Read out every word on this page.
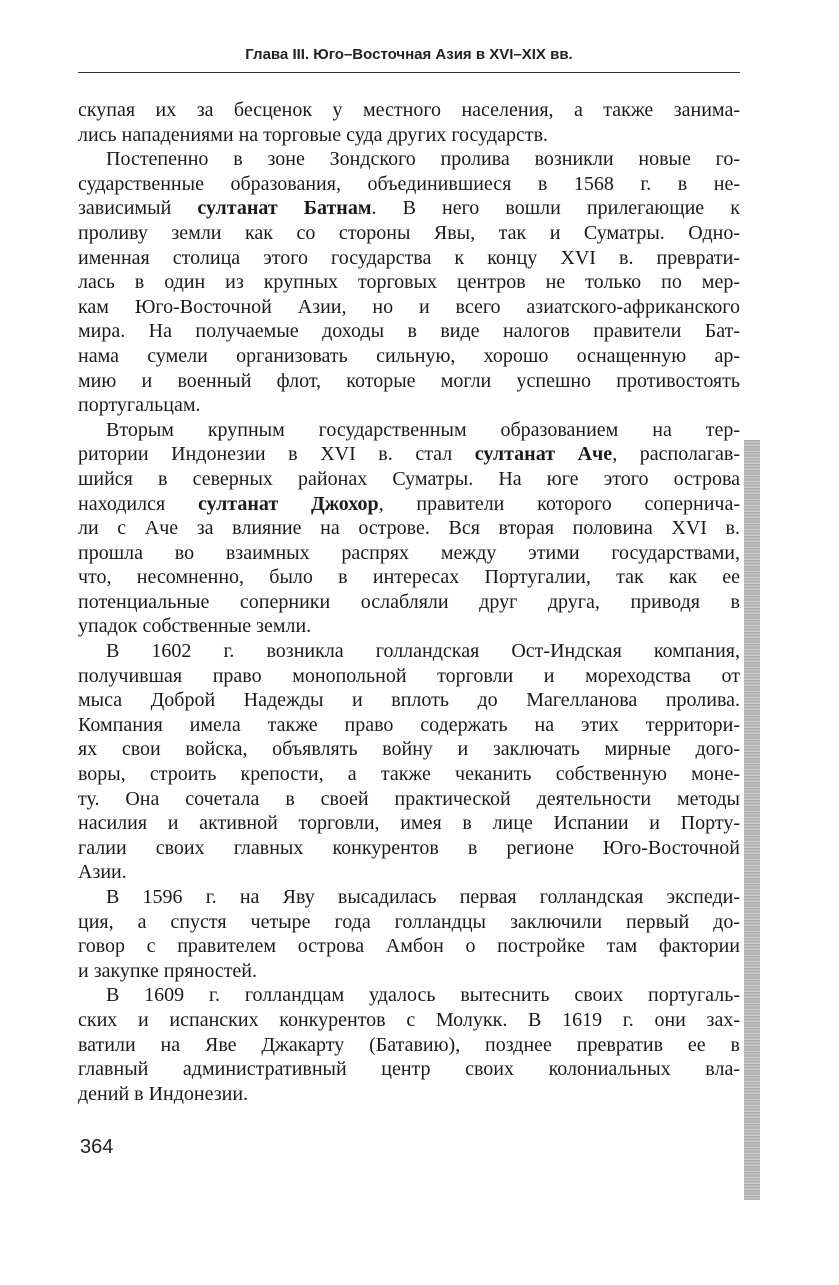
Глава III. Юго–Восточная Азия в XVI–XIX вв.
скупая их за бесценок у местного населения, а также занима-
лись нападениями на торговые суда других государств.
Постепенно в зоне Зондского пролива возникли новые го-
сударственные образования, объединившиеся в 1568 г. в не-
зависимый султанат Батнам. В него вошли прилегающие к
проливу земли как со стороны Явы, так и Суматры. Одно-
именная столица этого государства к концу XVI в. преврати-
лась в один из крупных торговых центров не только по мер-
кам Юго-Восточной Азии, но и всего азиатского-африканского
мира. На получаемые доходы в виде налогов правители Бат-
нама сумели организовать сильную, хорошо оснащенную ар-
мию и военный флот, которые могли успешно противостоять
португальцам.
Вторым крупным государственным образованием на тер-
ритории Индонезии в XVI в. стал султанат Аче, располагав-
шийся в северных районах Суматры. На юге этого острова
находился султанат Джохор, правители которого сопернича-
ли с Аче за влияние на острове. Вся вторая половина XVI в.
прошла во взаимных распрях между этими государствами,
что, несомненно, было в интересах Португалии, так как ее
потенциальные соперники ослабляли друг друга, приводя в
упадок собственные земли.
В 1602 г. возникла голландская Ост-Индская компания,
получившая право монопольной торговли и мореходства от
мыса Доброй Надежды и вплоть до Магелланова пролива.
Компания имела также право содержать на этих территори-
ях свои войска, объявлять войну и заключать мирные дого-
воры, строить крепости, а также чеканить собственную моне-
ту. Она сочетала в своей практической деятельности методы
насилия и активной торговли, имея в лице Испании и Порту-
галии своих главных конкурентов в регионе Юго-Восточной
Азии.
В 1596 г. на Яву высадилась первая голландская экспеди-
ция, а спустя четыре года голландцы заключили первый до-
говор с правителем острова Амбон о постройке там фактории
и закупке пряностей.
В 1609 г. голландцам удалось вытеснить своих португаль-
ских и испанских конкурентов с Молукк. В 1619 г. они зах-
ватили на Яве Джакарту (Батавию), позднее превратив ее в
главный административный центр своих колониальных вла-
дений в Индонезии.
364
